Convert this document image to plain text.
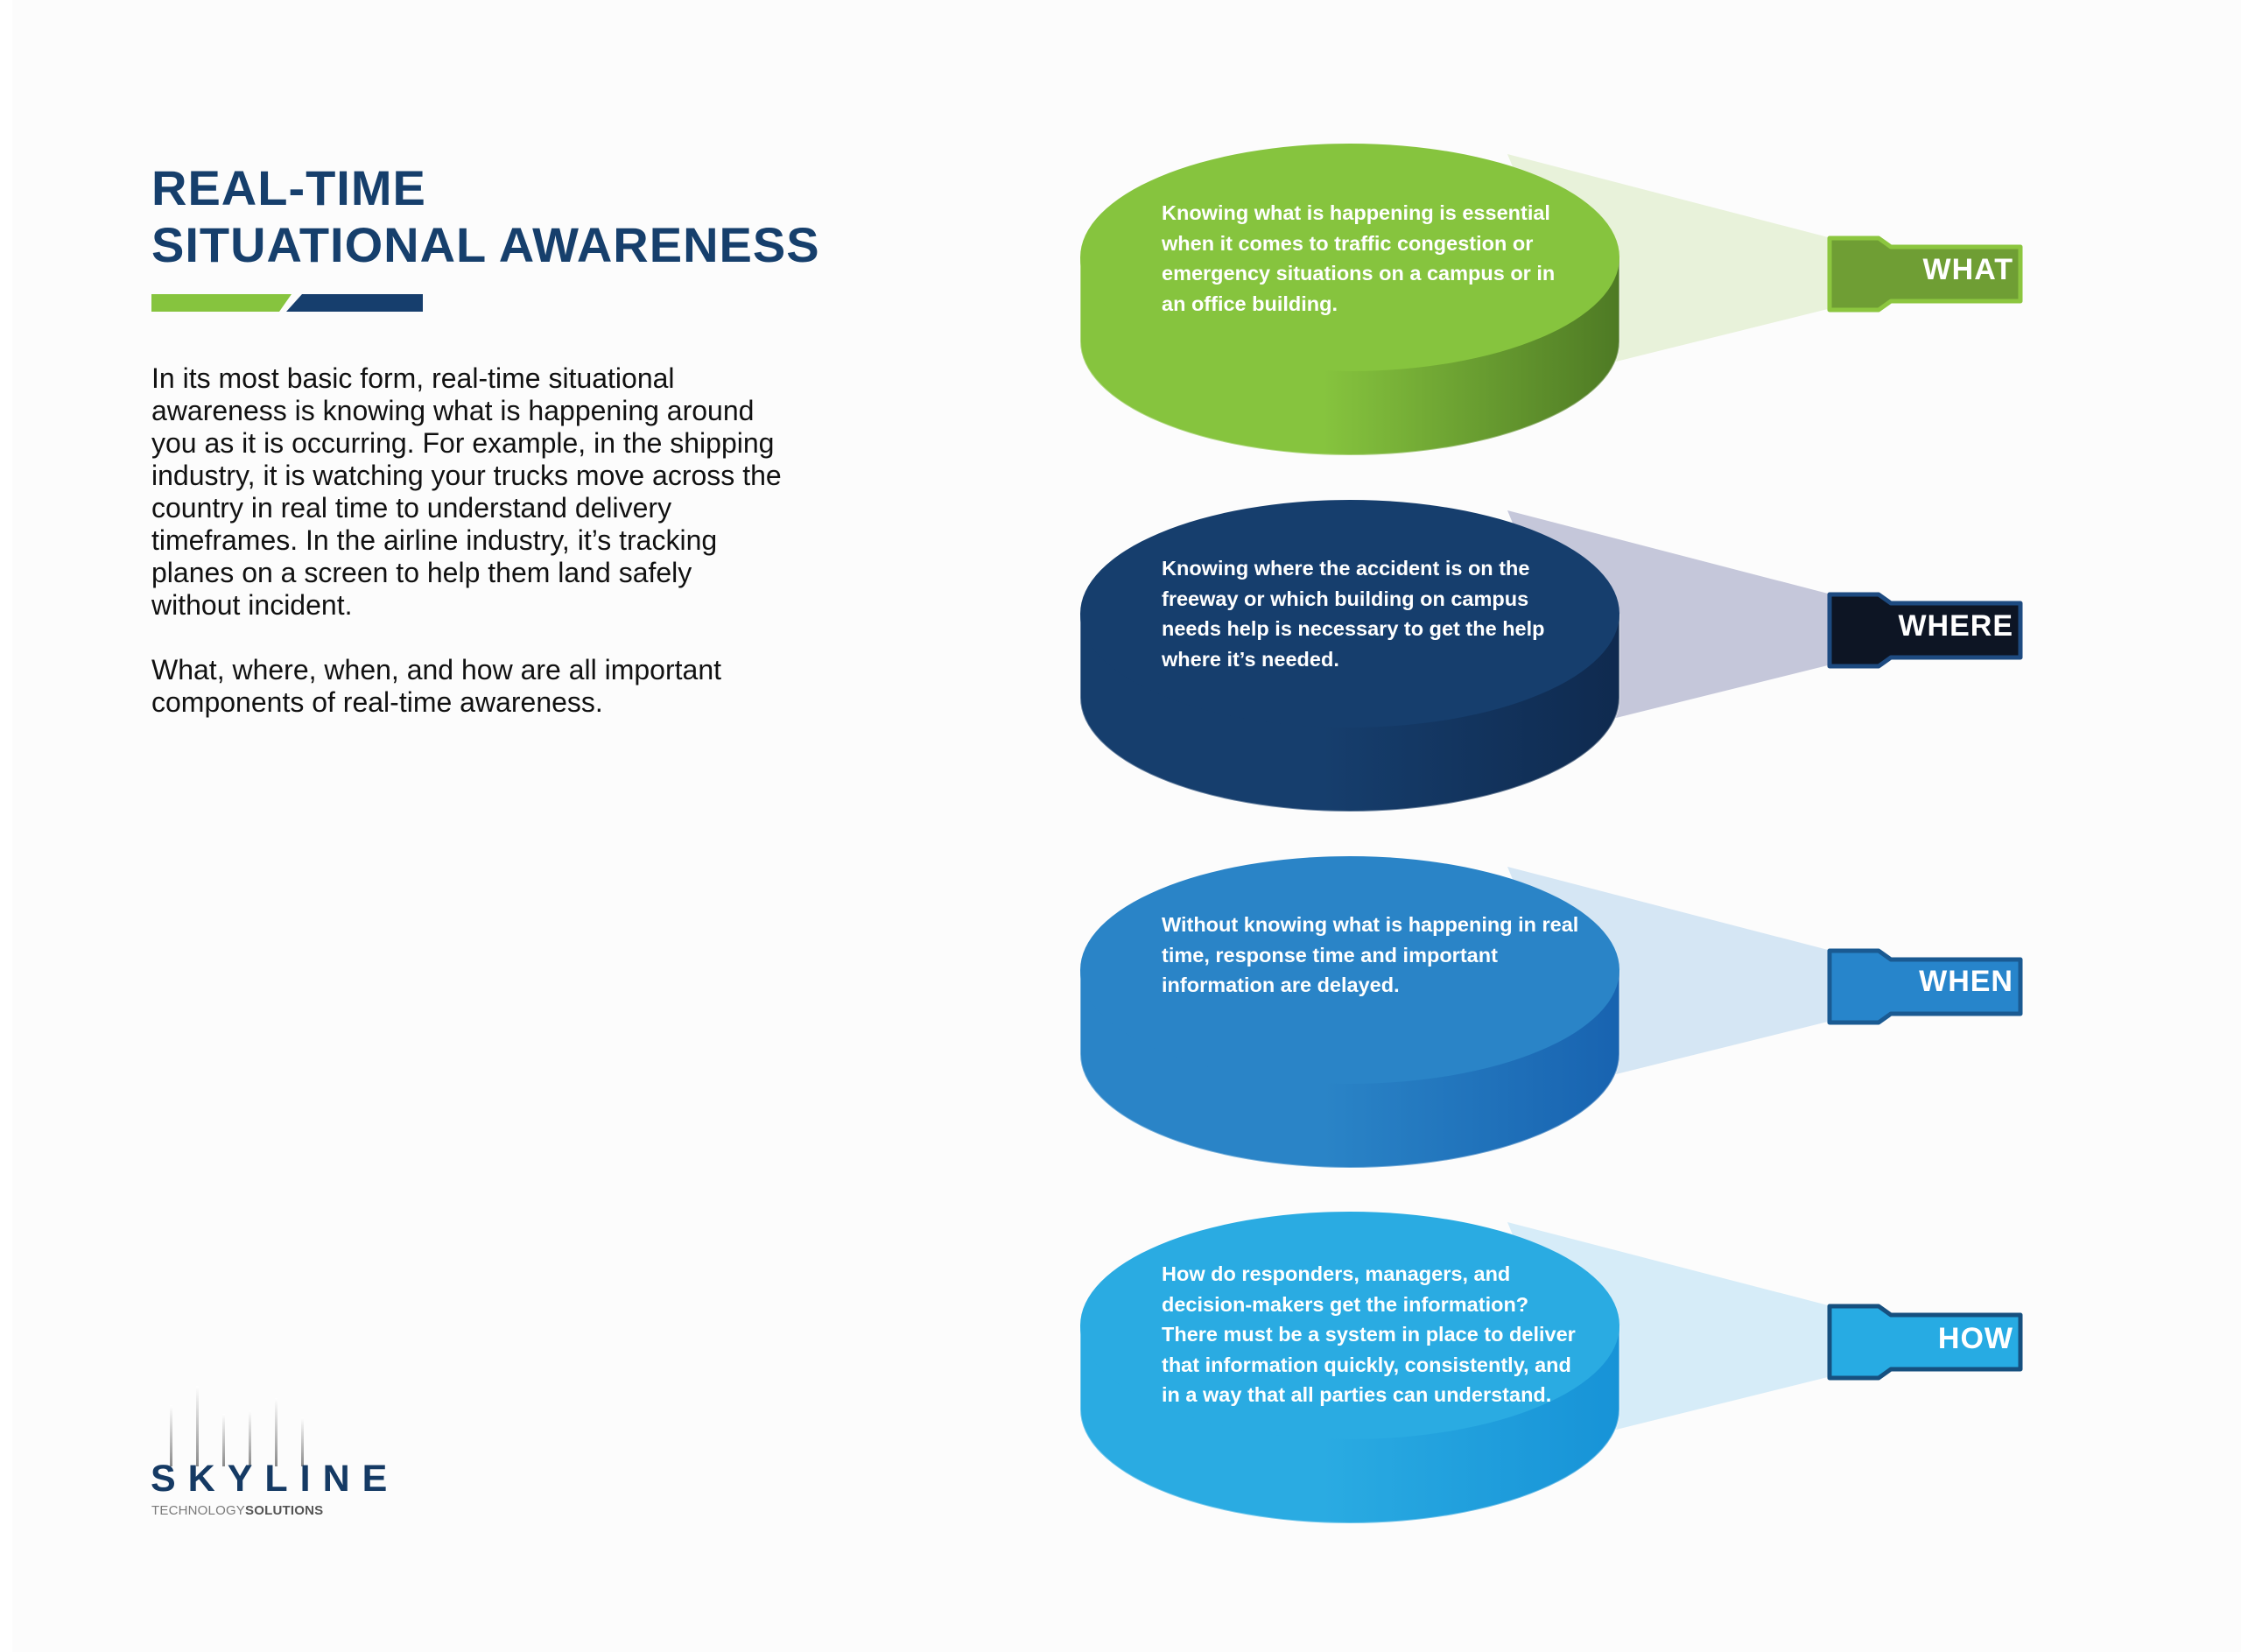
REAL-TIME
SITUATIONAL AWARENESS

In its most basic form, real-time situational awareness is knowing what is happening around you as it is occurring. For example, in the shipping industry, it is watching your trucks move across the country in real time to understand delivery timeframes. In the airline industry, it’s tracking planes on a screen to help them land safely without incident.

What, where, when, and how are all important components of real-time awareness.

Knowing what is happening is essential when it comes to traffic congestion or emergency situations on a campus or in an office building.
Knowing where the accident is on the freeway or which building on campus needs help is necessary to get the help where it’s needed.
Without knowing what is happening in real time, response time and important information are delayed.
How do responders, managers, and decision-makers get the information? There must be a system in place to deliver that information quickly, consistently, and in a way that all parties can understand.
WHAT
WHERE
WHEN
HOW
SKYLINE
TECHNOLOGYSOLUTIONS
